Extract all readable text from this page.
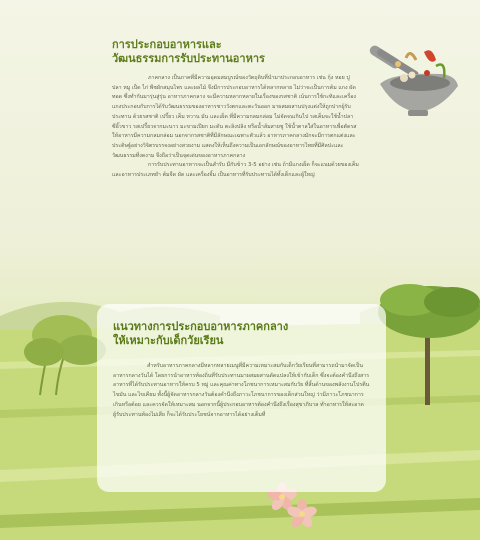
การประกอบอาหารและ
วัฒนธรรมการรับประทานอาหาร

ภาคกลาง เป็นภาคที่มีความอุดมสมบูรณ์ของวัตถุดิบที่นำมาประกอบอาหาร เช่น กุ้ง หอย ปู ปลา หมู เป็ด ไก่ พืชผักสมุนไพร และผลไม้ จึงมีการประกอบอาหารได้หลากหลาย ไม่ว่าจะเป็นการต้ม แกง ผัด ทอด ซึ่งทำกันมารุ่นสู่รุ่น อาหารภาคกลาง จะมีความหลากหลายในเรื่องของรสชาติ เน้นการใช้กะทิและเครื่องแกงประกอบกับการได้รับวัฒนธรรมของอาหารชาววังตกและตะวันออก มาผสมผสานปรุงแต่งให้ถูกปากผู้รับประทาน ด้วยรสชาติ เปรี้ยว เค็ม หวาน มัน และเผ็ด ที่มีความกลมกล่อม ไม่จัดจนเกินไป รสเค็มจะใช้น้ำปลาซีอิ๊วขาว รสเปรี้ยวจากมะนาว มะขามเปียก มะดัน ตะลิงปลิง หรือน้ำส้มสายชู ใช้น้ำตาลใส่ในอาหารเพื่อตัดรสให้อาหารมีความกลมกล่อม นอกจากรสชาติที่มีลักษณะเฉพาะตัวแล้ว อาหารภาคกลางมักจะมีการตกแต่งและประดิษฐ์อย่างวิจิตรบรรจงอย่างสวยงาม แสดงให้เห็นถึงความเป็นเอกลักษณ์ของอาหารไทยที่มีศิลปะและวัฒนธรรมที่งดงาม จึงถือว่าเป็นจุดเด่นของอาหารภาคกลาง

การรับประทานอาหารจะเป็นสำรับ มีกับข้าว 3-5 อย่าง เช่น ถ้ามีแกงเผ็ด ก็จะแนมด้วยของเค็ม และอาหารประเภทยำ ต้มจืด ผัด และเครื่องจิ้ม เป็นอาหารที่รับประทานได้ทั้งเด็กและผู้ใหญ่

แนวทางการประกอบอาหารภาคกลาง
ให้เหมาะกับเด็กวัยเรียน

สำหรับอาหารภาคกลางมีหลากหลายเมนูที่มีความเหมาะสมกับเด็กวัยเรียนที่สามารถนำมาจัดเป็นอาหารกลางวันได้ โดยการนำอาหารท้องถิ่นที่รับประทานมาผสมผสานดัดแปลงให้เข้ากับเด็ก ซึ่งจะต้องคำนึงถึงสารอาหารที่ได้รับประทานอาหารให้ครบ 5 หมู่ และคุณค่าทางโภชนาการเหมาะสมกับวัย ที่สิ้นด้านของพลังงานโปรตีน ไขมัน และไขเคียม ทั้งนี้ผู้จัดอาหารกลางวันต้องคำนึงถึงภาวะโภชนาการของเด็กส่วนใหญ่ ว่ามีภาวะโภชนาการเกินหรือต้อย และควรจัดให้เหมาะสม นอกจากนี้ผู้ประกอบอาหารต้องคำนึงถึงเรื่องสุขาภิบาล ทำอาหารให้สะอาด ผู้รับประทานท้องไม่เสีย ก็จะได้รับประโยชน์จากอาหารได้อย่างเต็มที่
